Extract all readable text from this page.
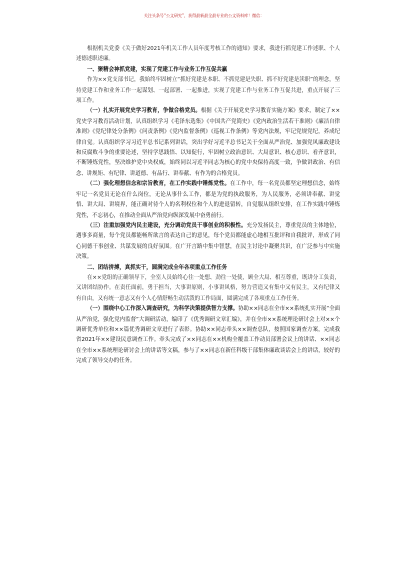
关注头条号“公文研究”，获得最新最全最专业的公文资料库！微信：

根据机关党委《关于做好2021年机关工作人员年度考核工作的通知》要求，我进行抓党建工作述职、个人述德述职述廉。

一、聚精会神抓党建，实现了党建工作与业务工作互促共赢

作为××党支部书记，我始终牢固树立“抓好党建是本职、不抓党建是失职、抓不好党建是渎职”的理念，坚持党建工作和业务工作一起谋划、一起部署、一起推进，实现了党建工作与业务工作互促共进，重点开展了三项工作。

（一）扎实开展党史学习教育，争做合格党员。根据《关于开展党史学习教育实施方案》要求，制定了××党史学习教育活动计划，认真组织学习《毛泽东选集》《中国共产党简史》《党内政治生活若干准则》《廉洁自律准则》《党纪律处分条例》《问责条例》《党内监督条例》《巡视工作条例》等党内法规，牢记党规党纪，养成纪律自觉。认真组织学习习近平总书记系列讲话，突出学好习近平总书记关于全面从严治党、加强党风廉政建设和反腐败斗争的重要论述，坚持学思践悟、以知促行，牢固树立政治意识、大局意识、核心意识、看齐意识，不断锤炼党性，坚决维护党中央权威，始终同以习近平同志为核心的党中央保持高度一致，争做讲政治、有信念、讲规矩、有纪律、讲道德、有品行、讲奉献、有作为的合格党员。

（二）强化理想信念和宗旨教育，在工作实践中锤炼党性。在工作中，每一名党员都坚定理想信念，始终牢记一名党员无论在什么岗位，无论从事什么工作，都是为党的执政服务，为人民服务，必须讲奉献、讲觉悟、讲大局、讲境界，能正确对待个人的名利权位和个人的进退留转，自觉服从组织安排，在工作实践中锤炼党性，不忘初心，在推动全面从严治党向纵深发展中奋勇前行。

（三）注重加强党内民主建设，充分调动党员干事创业的积极性。充分发扬民主，尊重党员的主体地位，遇事多商量，每个党员都能畅所欲言的表达自己的意见，每个党员都能虚心地相互批评和自我批评，形成了同心同德干事创业、共谋发展的良好氛围。在广开言路中集中智慧，在民主讨论中凝聚共识，在广泛参与中实施决策。

二、团结拼搏，真抓实干，圆满完成全年各项重点工作任务

在××党组的正确领导下，全室人员始终心往一处想、劲往一处使，顾全大局、相互尊重，既讲分工负责，又讲团结协作。在责任面前，勇于担当，大事讲原则，小事讲风格，努力营造又有集中又有民主，又有纪律又有自由，又有统一意志又有个人心情舒畅生动活泼的工作局面，圆满完成了各项重点工作任务。

（一）围绕中心工作深入调查研究，为科学决策提供智力支撑。协助××同志在全市××系统扎实开展“全面从严治党，强化党内监督”大调研活动，编印了《优秀调研文章汇编》，并在全市××系统理论研讨会上对××个调研优秀单位和××篇优秀调研文章进行了表彰。协助××同志牵头××调查总队，按照国家调查方案，完成我省2021年××建设民意调查工作。牵头完成了××同志在××机构全覆盖工作动员部署会议上的讲话、××同志在全市××系统理论研讨会上的讲话等文稿，参与了××同志在新任科级干部集体廉政谈话会上的讲话，较好的完成了领导交办的任务。
